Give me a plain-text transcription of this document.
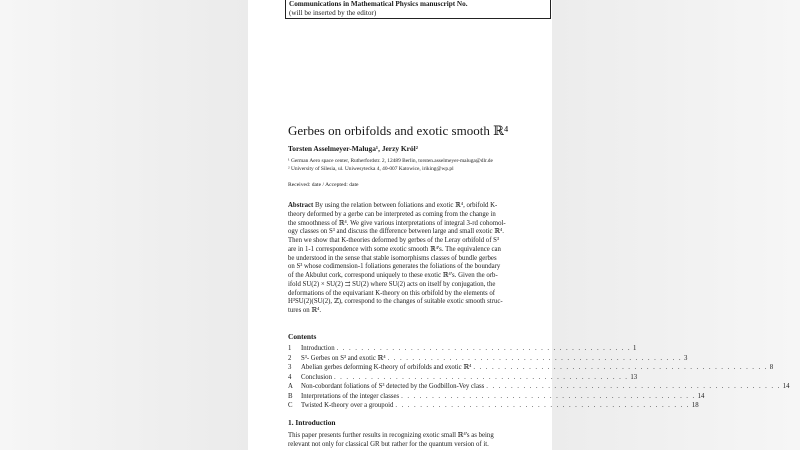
Communications in Mathematical Physics manuscript No.
(will be inserted by the editor)
Gerbes on orbifolds and exotic smooth ℝ⁴
Torsten Asselmeyer-Maluga¹, Jerzy Król²
¹ German Aero space center, Rutherfordstr. 2, 12489 Berlin, torsten.asselmeyer-maluga@dlr.de
² University of Silesia, ul. Uniwesytecka 4, 40-007 Katowice, iriking@wp.pl
Received: date / Accepted: date
Abstract By using the relation between foliations and exotic ℝ⁴, orbifold K-
theory deformed by a gerbe can be interpreted as coming from the change in
the smoothness of ℝ⁴. We give various interpretations of integral 3-rd cohomol-
ogy classes on S³ and discuss the difference between large and small exotic ℝ⁴.
Then we show that K-theories deformed by gerbes of the Leray orbifold of S³
are in 1-1 correspondence with some exotic smooth ℝ⁴'s. The equivalence can
be understood in the sense that stable isomorphisms classes of bundle gerbes
on S³ whose codimension-1 foliations generates the foliations of the boundary
of the Akbulut cork, correspond uniquely to these exotic ℝ⁴'s. Given the orb-
ifold SU(2) × SU(2) ⇉ SU(2) where SU(2) acts on itself by conjugation, the
deformations of the equivariant K-theory on this orbifold by the elements of
H³SU(2)(SU(2), ℤ), correspond to the changes of suitable exotic smooth struc-
tures on ℝ⁴.
Contents
1	Introduction . . . . . . . . . . . . . . . . . . . . . . . . . . . . . . . . . . . . . . . . . . . . . . . . 1
2	S³- Gerbes on S³ and exotic ℝ⁴ . . . . . . . . . . . . . . . . . . . . . . . . . . . . . . . . . . . . . . . . . . . . . . . . 3
3	Abelian gerbes deforming K-theory of orbifolds and exotic ℝ⁴ . . . . . . . . . . . . . . . . . . . . . . . . . . . . . . . . . . . . . . . . . . . . . . . . 8
4	Conclusion . . . . . . . . . . . . . . . . . . . . . . . . . . . . . . . . . . . . . . . . . . . . . . . . 13
A	Non-cobordant foliations of S³ detected by the Godbillon-Vey class . . . . . . . . . . . . . . . . . . . . . . . . . . . . . . . . . . . . . . . . . . . . . . . . 14
B	Interpretations of the integer classes . . . . . . . . . . . . . . . . . . . . . . . . . . . . . . . . . . . . . . . . . . . . . . . . 14
C	Twisted K-theory over a groupoid . . . . . . . . . . . . . . . . . . . . . . . . . . . . . . . . . . . . . . . . . . . . . . . . 18
1. Introduction
This paper presents further results in recognizing exotic small ℝ⁴'s as being
relevant not only for classical GR but rather for the quantum version of it.
